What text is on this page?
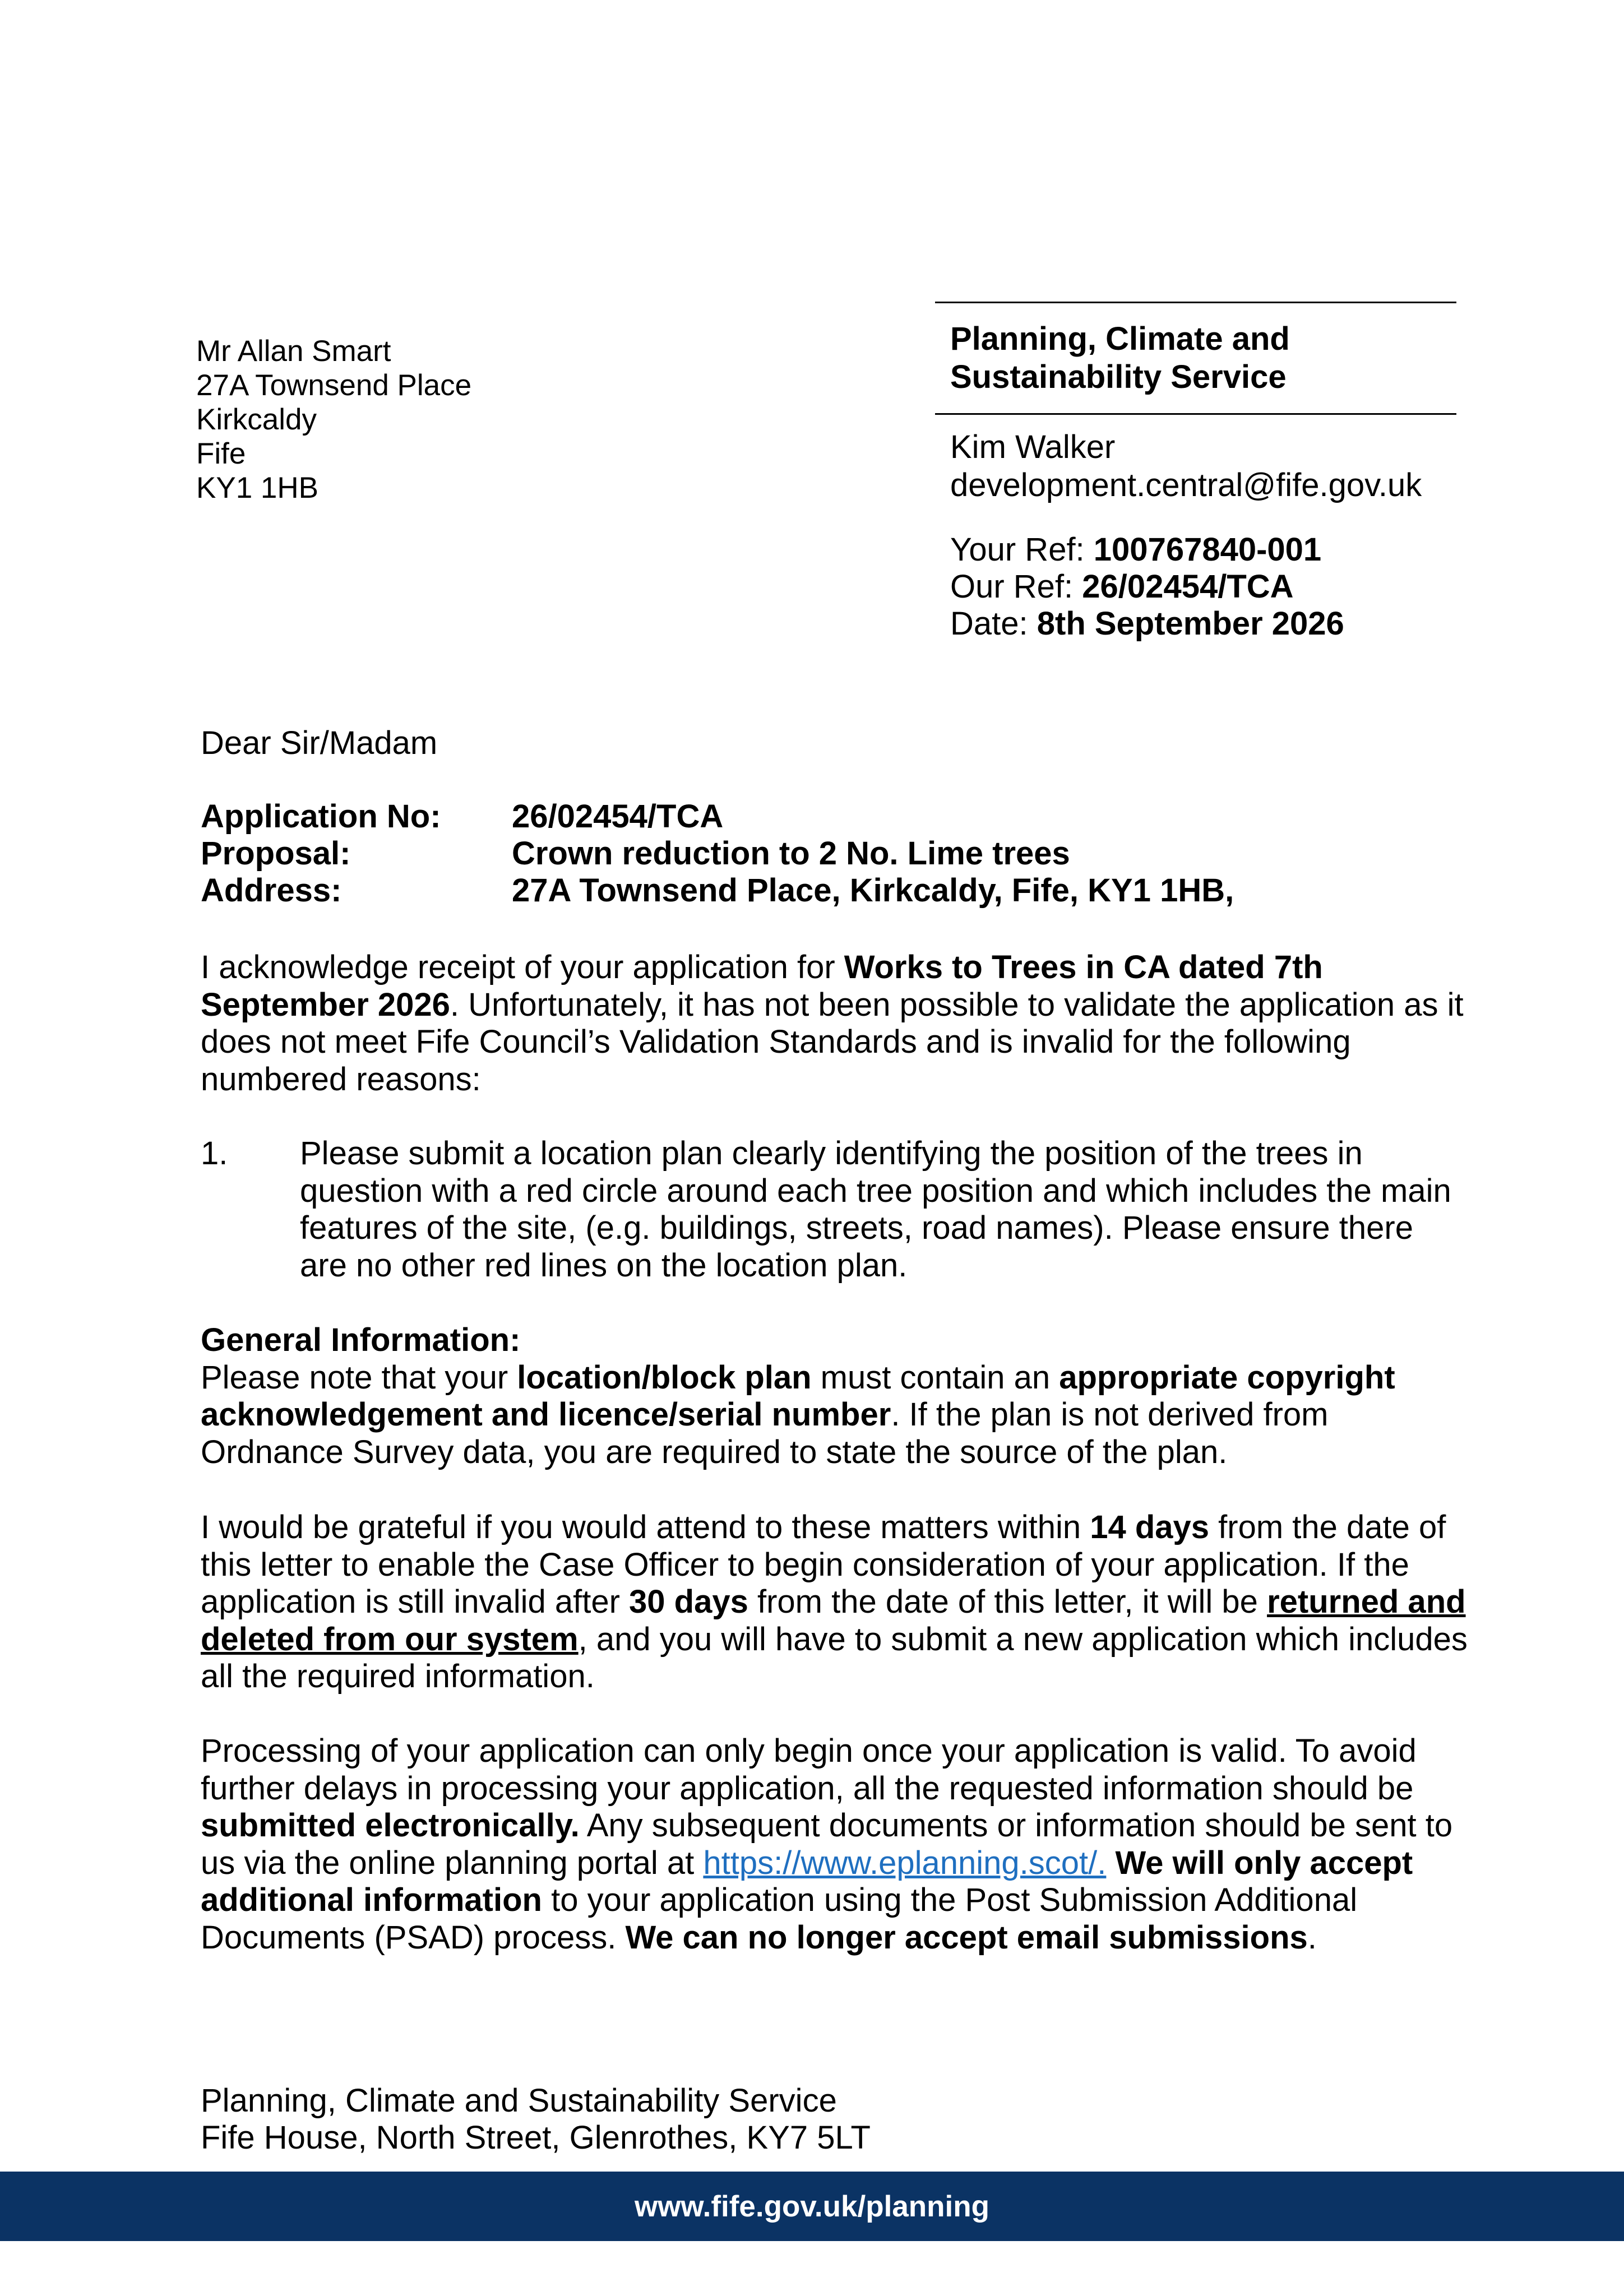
Mr Allan Smart
27A Townsend Place
Kirkcaldy
Fife
KY1 1HB
Planning, Climate and
Sustainability Service
Kim Walker
development.central@fife.gov.uk
Your Ref: 100767840-001
Our Ref: 26/02454/TCA
Date: 8th September 2026
Dear Sir/Madam
Application No:	26/02454/TCA
Proposal:	Crown reduction to 2 No. Lime trees
Address:	27A Townsend Place, Kirkcaldy, Fife, KY1 1HB,
I acknowledge receipt of your application for Works to Trees in CA dated 7th September 2026. Unfortunately, it has not been possible to validate the application as it does not meet Fife Council’s Validation Standards and is invalid for the following numbered reasons:
1.	Please submit a location plan clearly identifying the position of the trees in question with a red circle around each tree position and which includes the main features of the site, (e.g. buildings, streets, road names). Please ensure there are no other red lines on the location plan.
General Information:
Please note that your location/block plan must contain an appropriate copyright acknowledgement and licence/serial number. If the plan is not derived from Ordnance Survey data, you are required to state the source of the plan.
I would be grateful if you would attend to these matters within 14 days from the date of this letter to enable the Case Officer to begin consideration of your application. If the application is still invalid after 30 days from the date of this letter, it will be returned and deleted from our system, and you will have to submit a new application which includes all the required information.
Processing of your application can only begin once your application is valid. To avoid further delays in processing your application, all the requested information should be submitted electronically. Any subsequent documents or information should be sent to us via the online planning portal at https://www.eplanning.scot/. We will only accept additional information to your application using the Post Submission Additional Documents (PSAD) process. We can no longer accept email submissions.
Planning, Climate and Sustainability Service
Fife House, North Street, Glenrothes, KY7 5LT
www.fife.gov.uk/planning
